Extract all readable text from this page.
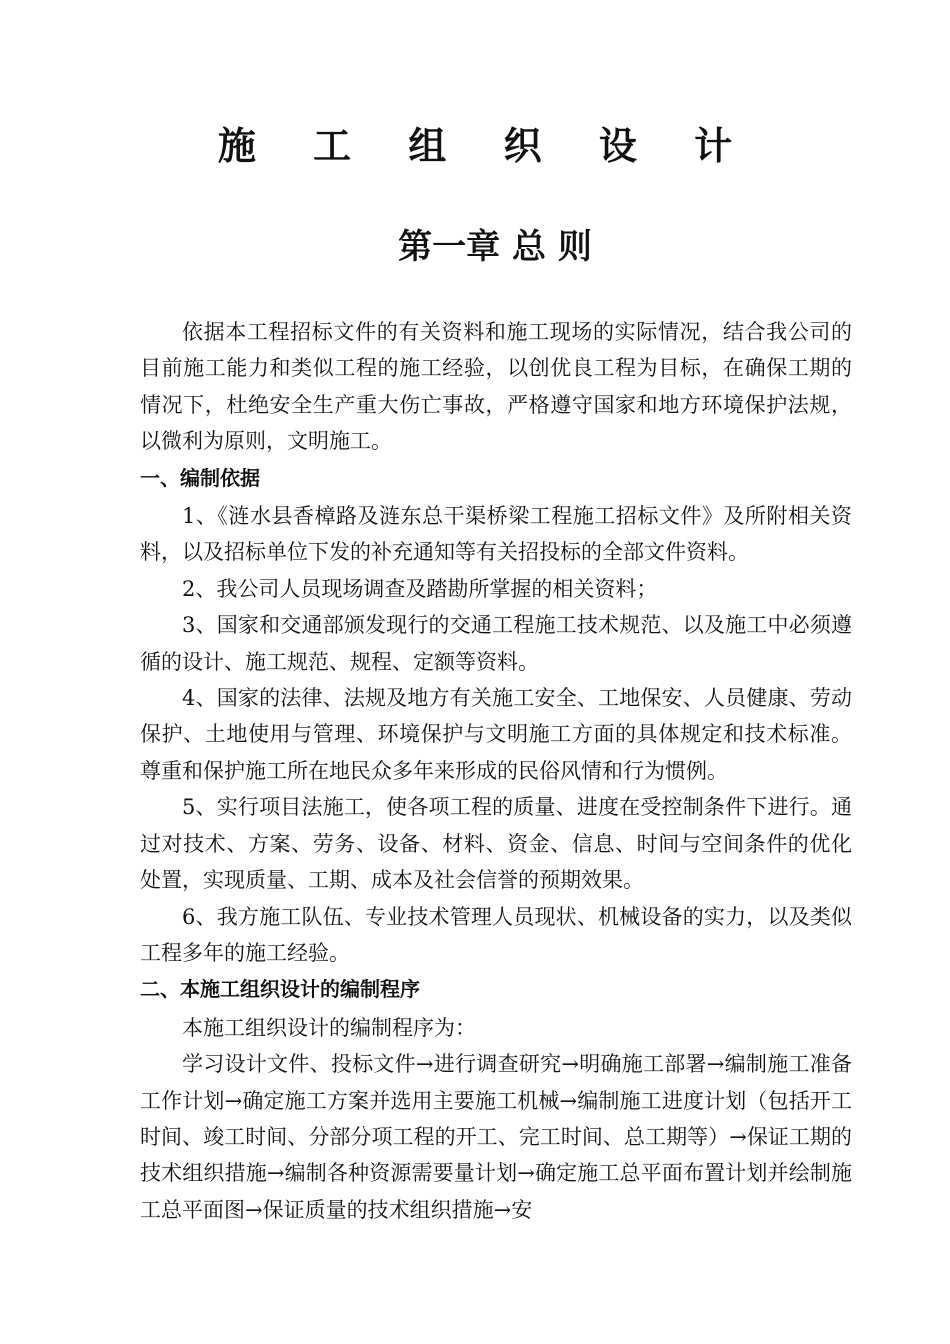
施 工 组 织 设 计
第一章 总 则

依据本工程招标文件的有关资料和施工现场的实际情况，结合我公司的目前施工能力和类似工程的施工经验，以创优良工程为目标，在确保工期的情况下，杜绝安全生产重大伤亡事故，严格遵守国家和地方环境保护法规，以微利为原则，文明施工。

一、编制依据

1、《涟水县香樟路及涟东总干渠桥梁工程施工招标文件》及所附相关资料，以及招标单位下发的补充通知等有关招投标的全部文件资料。

2、我公司人员现场调查及踏勘所掌握的相关资料；

3、国家和交通部颁发现行的交通工程施工技术规范、以及施工中必须遵循的设计、施工规范、规程、定额等资料。

4、国家的法律、法规及地方有关施工安全、工地保安、人员健康、劳动保护、土地使用与管理、环境保护与文明施工方面的具体规定和技术标准。尊重和保护施工所在地民众多年来形成的民俗风情和行为惯例。

5、实行项目法施工，使各项工程的质量、进度在受控制条件下进行。通过对技术、方案、劳务、设备、材料、资金、信息、时间与空间条件的优化处置，实现质量、工期、成本及社会信誉的预期效果。

6、我方施工队伍、专业技术管理人员现状、机械设备的实力，以及类似工程多年的施工经验。

二、本施工组织设计的编制程序

本施工组织设计的编制程序为：

学习设计文件、投标文件→进行调查研究→明确施工部署→编制施工准备工作计划→确定施工方案并选用主要施工机械→编制施工进度计划（包括开工时间、竣工时间、分部分项工程的开工、完工时间、总工期等）→保证工期的技术组织措施→编制各种资源需要量计划→确定施工总平面布置计划并绘制施工总平面图→保证质量的技术组织措施→安
